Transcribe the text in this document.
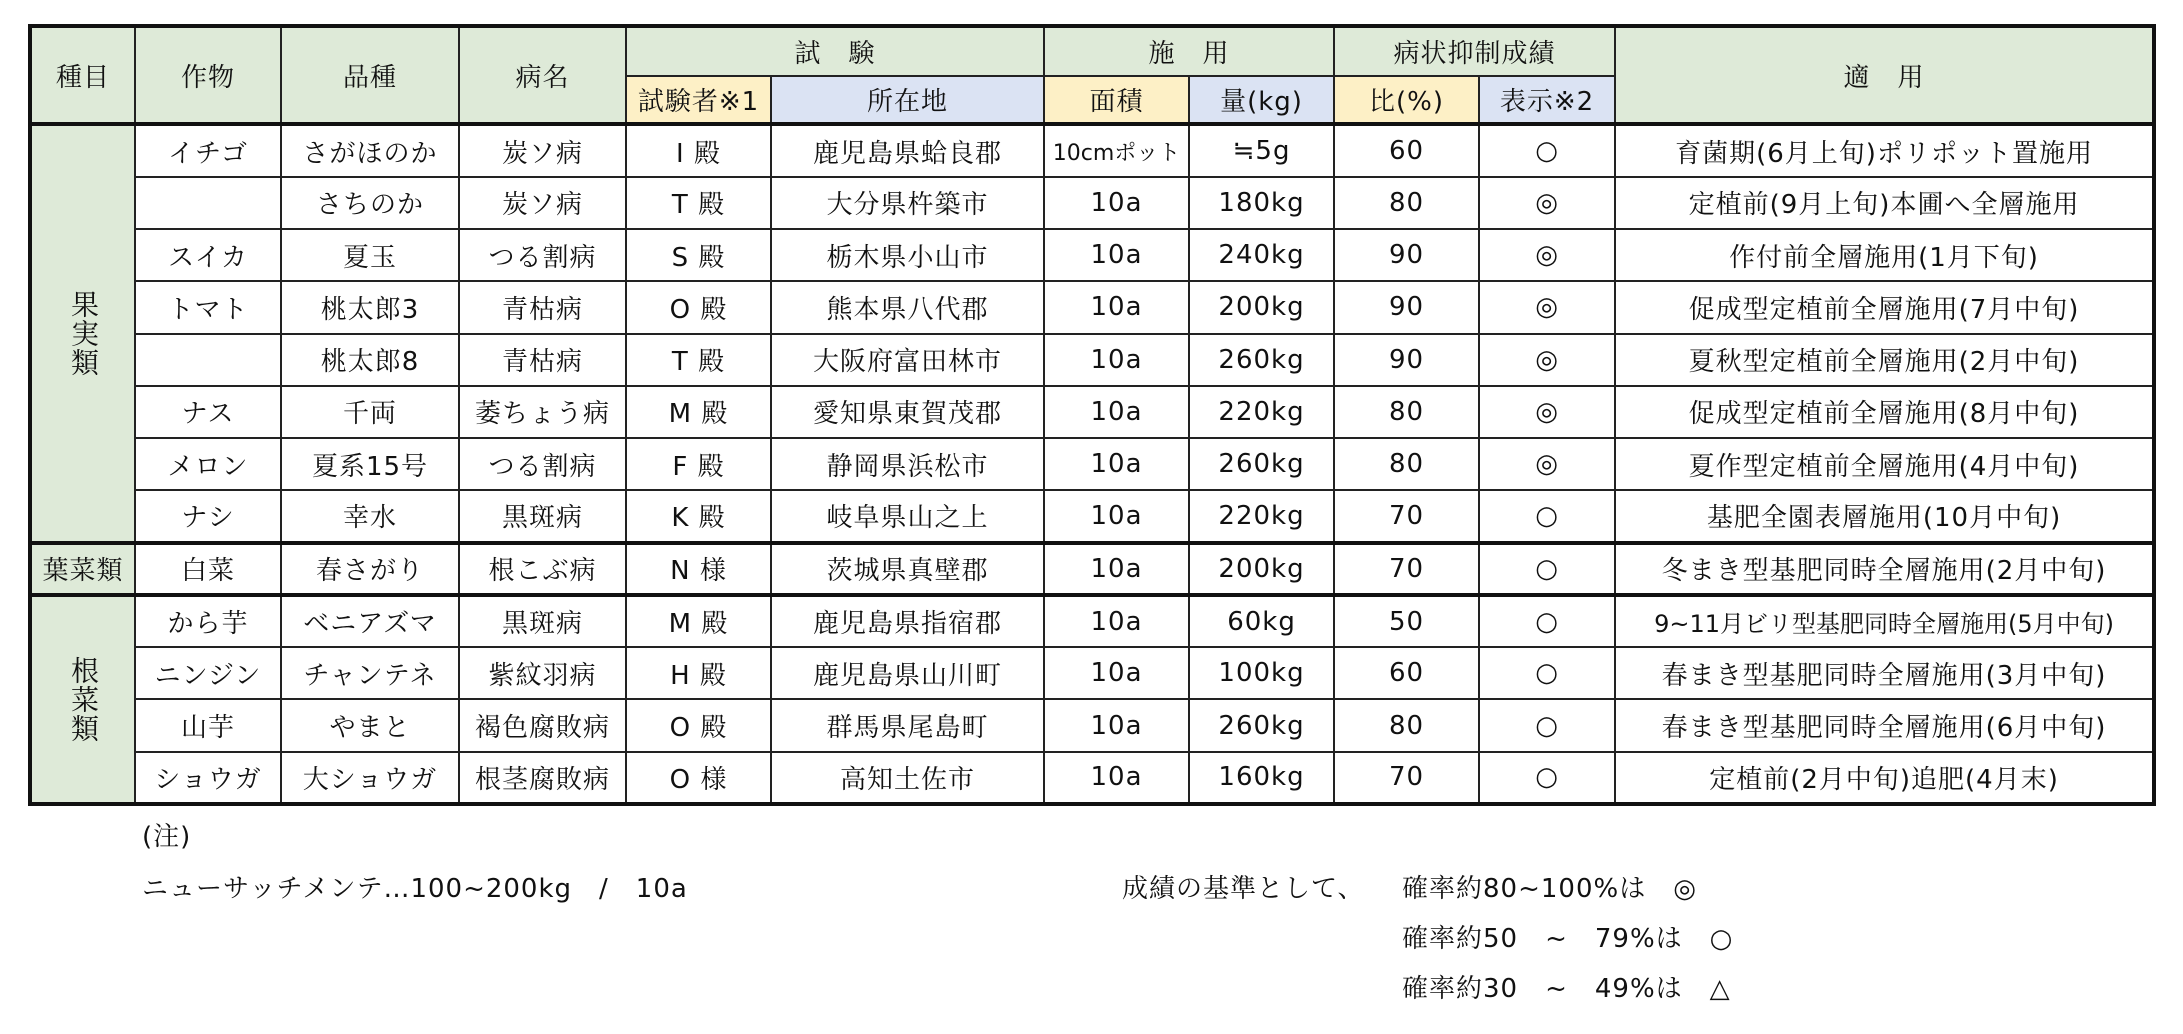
種目	作物	品種	病名	試　験		施　用		病状抑制成績		適　用
				試験者※1	所在地	面積	量(kg)	比(%)	表示※2	
果実類	イチゴ	さがほのか	炭ソ病	I 殿	鹿児島県蛤良郡	10cmポット	≒5g	60	○	育菌期(6月上旬)ポリポット置施用
		さちのか	炭ソ病	T 殿	大分県杵築市	10a	180kg	80	◎	定植前(9月上旬)本圃へ全層施用
	スイカ	夏玉	つる割病	S 殿	栃木県小山市	10a	240kg	90	◎	作付前全層施用(1月下旬)
	トマト	桃太郎3	青枯病	O 殿	熊本県八代郡	10a	200kg	90	◎	促成型定植前全層施用(7月中旬)
		桃太郎8	青枯病	T 殿	大阪府富田林市	10a	260kg	90	◎	夏秋型定植前全層施用(2月中旬)
	ナス	千両	萎ちょう病	M 殿	愛知県東賀茂郡	10a	220kg	80	◎	促成型定植前全層施用(8月中旬)
	メロン	夏系15号	つる割病	F 殿	静岡県浜松市	10a	260kg	80	◎	夏作型定植前全層施用(4月中旬)
	ナシ	幸水	黒斑病	K 殿	岐阜県山之上	10a	220kg	70	○	基肥全園表層施用(10月中旬)
葉菜類	白菜	春さがり	根こぶ病	N 様	茨城県真壁郡	10a	200kg	70	○	冬まき型基肥同時全層施用(2月中旬)
根菜類	から芋	ベニアズマ	黒斑病	M 殿	鹿児島県指宿郡	10a	60kg	50	○	9~11月ビリ型基肥同時全層施用(5月中旬)
	ニンジン	チャンテネ	紫紋羽病	H 殿	鹿児島県山川町	10a	100kg	60	○	春まき型基肥同時全層施用(3月中旬)
	山芋	やまと	褐色腐敗病	O 殿	群馬県尾島町	10a	260kg	80	○	春まき型基肥同時全層施用(6月中旬)
	ショウガ	大ショウガ	根茎腐敗病	O 様	高知土佐市	10a	160kg	70	○	定植前(2月中旬)追肥(4月末)
(注)
ニューサッチメンテ…100~200kg　/　10a	成績の基準として、 確率約80~100%は　◎
確率約50　~　79%は　○
確率約30　~　49%は　△
